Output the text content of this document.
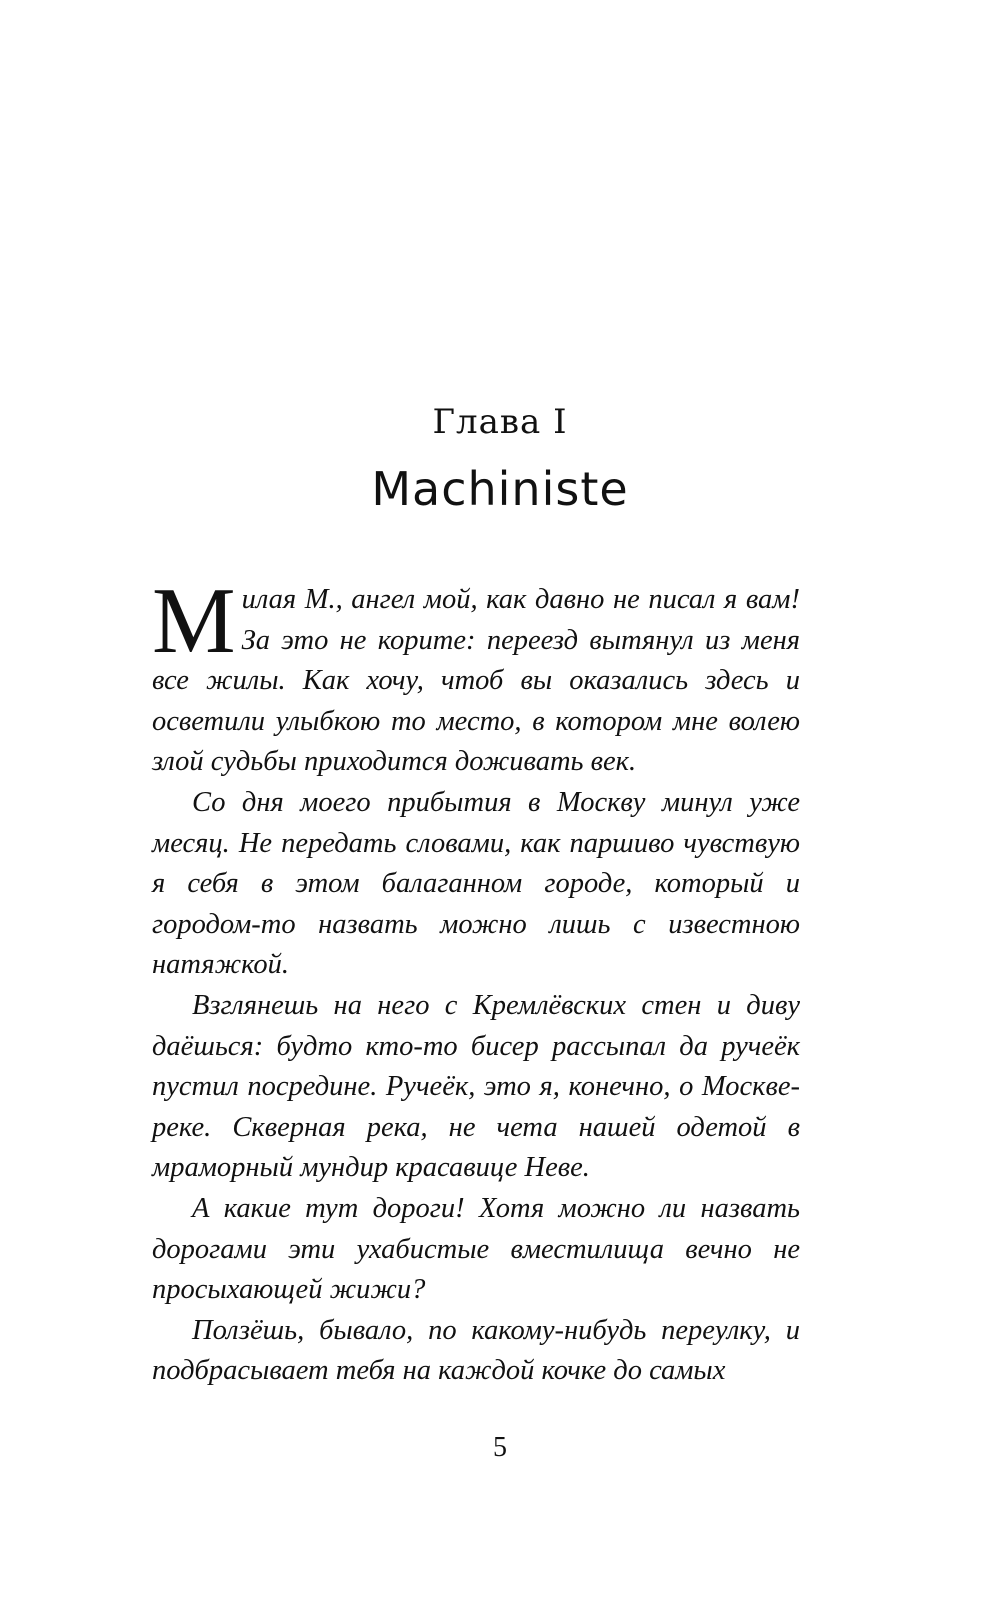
Глава I
Machiniste

Милая М., ангел мой, как давно не писал я вам! За это не корите: переезд вытянул из меня все жилы. Как хочу, чтоб вы оказались здесь и осветили улыбкою то место, в котором мне волею злой судьбы приходится доживать век.

Со дня моего прибытия в Москву минул уже месяц. Не передать словами, как паршиво чувствую я себя в этом балаганном городе, который и городом-то назвать можно лишь с известною натяжкой.

Взглянешь на него с Кремлёвских стен и диву даёшься: будто кто-то бисер рассыпал да ручеёк пустил посредине. Ручеёк, это я, конечно, о Москве-реке. Скверная река, не чета нашей одетой в мраморный мундир красавице Неве.

А какие тут дороги! Хотя можно ли назвать дорогами эти ухабистые вместилища вечно не просыхающей жижи?

Ползёшь, бывало, по какому-нибудь переулку, и подбрасывает тебя на каждой кочке до самых

5
